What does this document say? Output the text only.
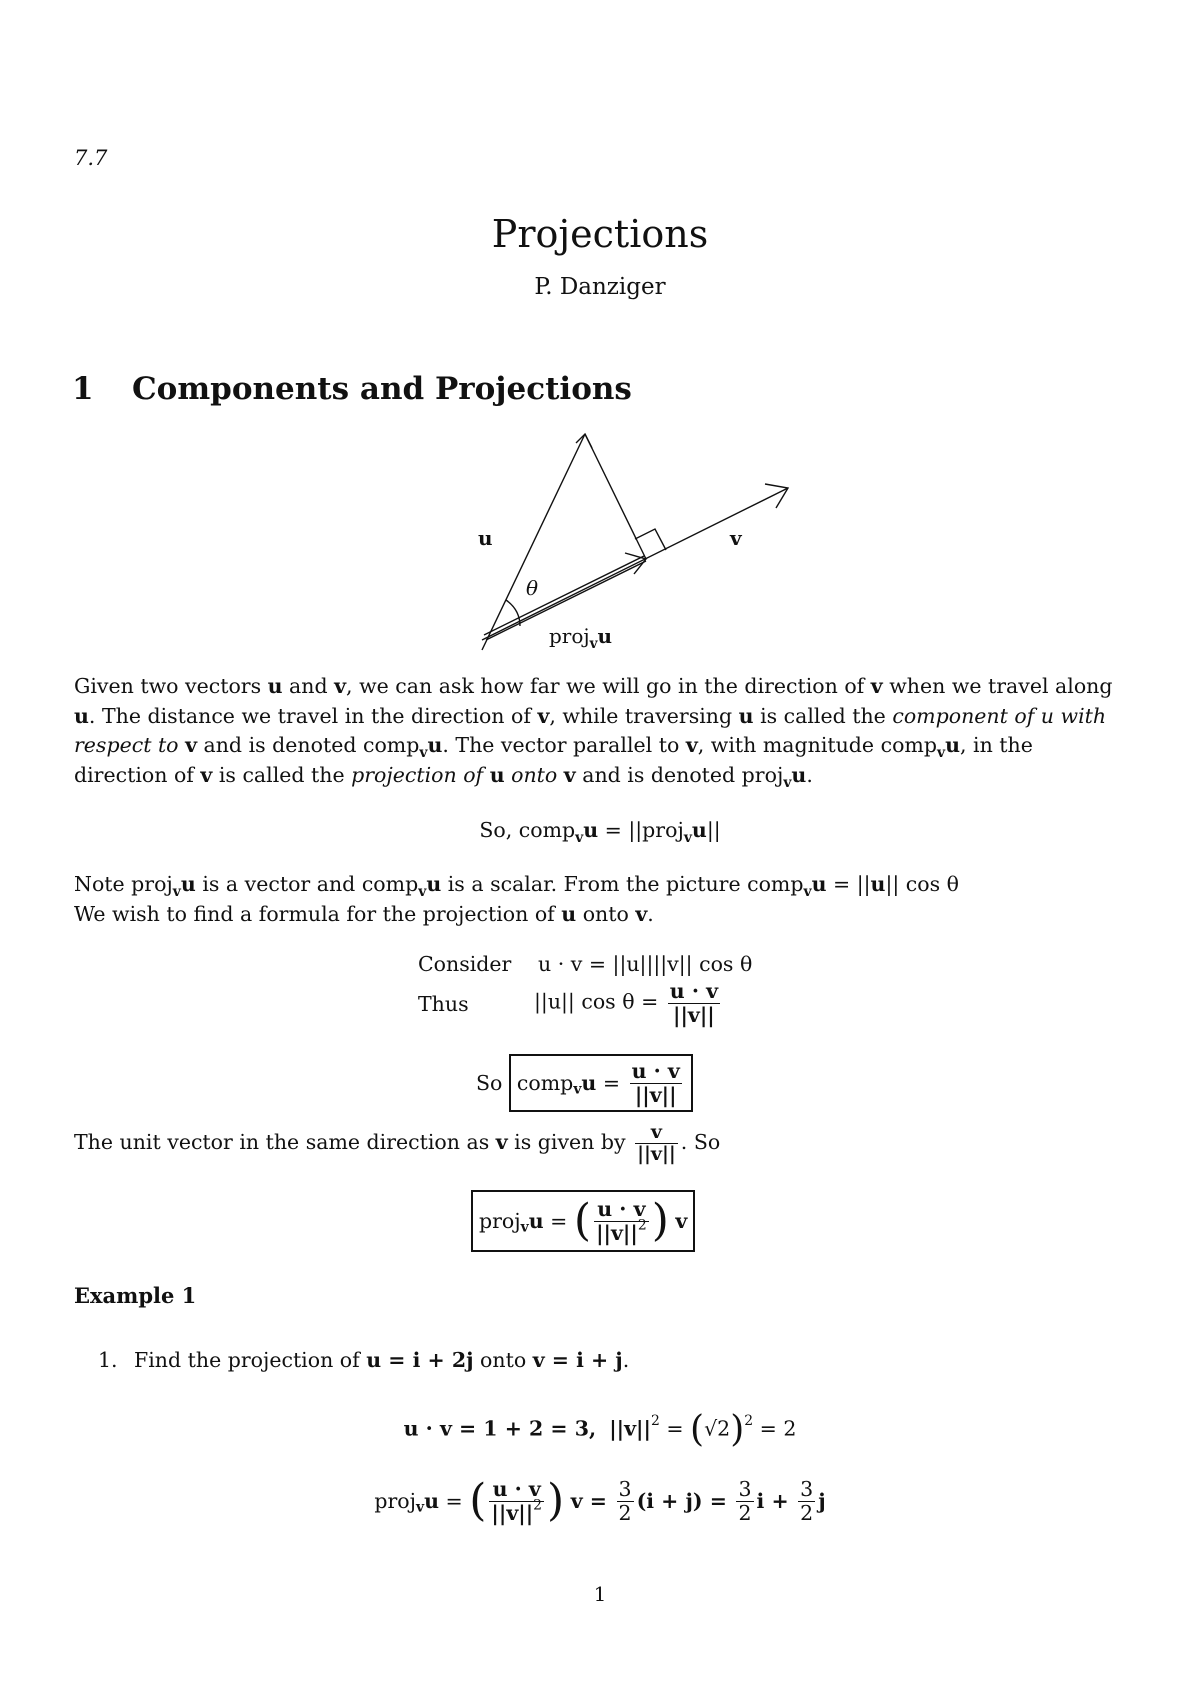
7.7
Projections
P. Danziger
1 Components and Projections
u	v
θ
proj$_v$u
Given two vectors u and v, we can ask how far we will go in the direction of v when we travel along u. The distance we travel in the direction of v, while traversing u is called the component of u with respect to v and is denoted comp$_v$u. The vector parallel to v, with magnitude comp$_v$u, in the direction of v is called the projection of u onto v and is denoted proj$_v$u.
So, comp$_v$u = ||proj$_v$u||
Note proj$_v$u is a vector and comp$_v$u is a scalar. From the picture comp$_v$u = ||u|| cos θ
We wish to find a formula for the projection of u onto v.
Consider u · v = ||u||||v|| cos θ
Thus	||u|| $\cos \theta = \frac{u \cdot v}{||v||}$
So comp$_v$u = $\frac{u \cdot v}{||v||}$
The unit vector in the same direction as v is given by $\frac{v}{||v||}$ . So
proj$_v$u = ( $\frac{u \cdot v}{||v||^2}$ ) v
Example 1
1. Find the projection of u = i + 2j onto v = i + j.
u · v = 1 + 2 = 3, $||v||^2 = (√2)^2 = 2$
proj$_v$u = ( $\frac{u \cdot v}{||v||^2}$ ) $v = \frac{3}{2} (i + j) = \frac{3}{2}$ $i + \frac{3}{2}$ j
1
